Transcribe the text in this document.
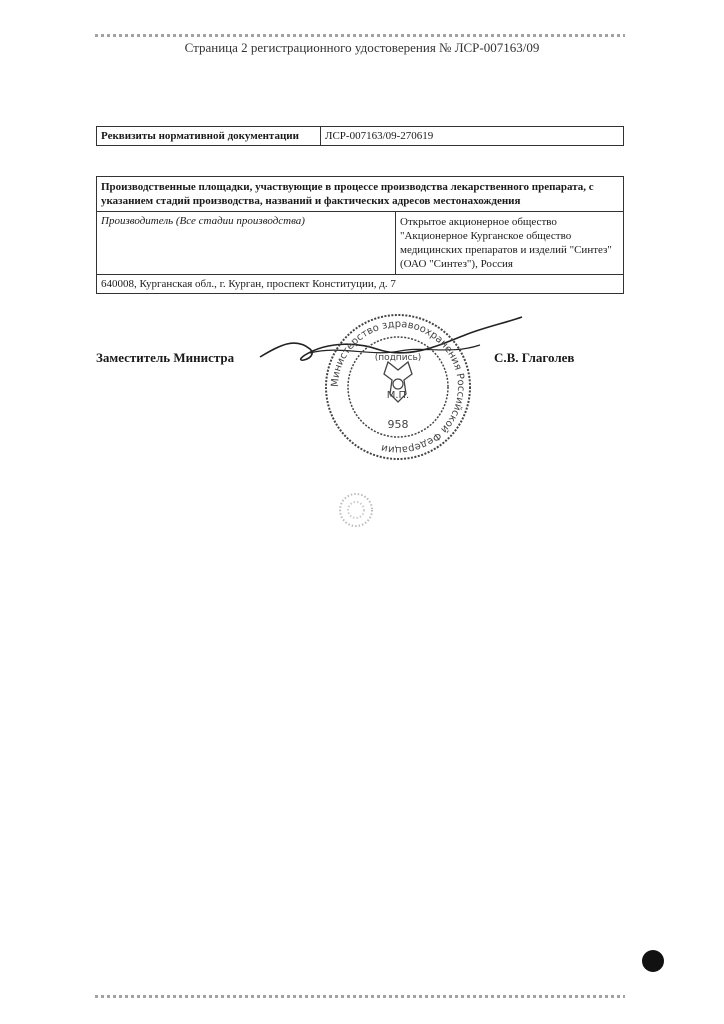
Страница 2 регистрационного удостоверения № ЛСР-007163/09
Реквизиты нормативной документации	ЛСР-007163/09-270619
Производственные площадки, участвующие в процессе производства лекарственного препарата, с указанием стадий производства, названий и фактических адресов местонахождения
Производитель (Все стадии производства)	Открытое акционерное общество "Акционерное Курганское общество медицинских препаратов и изделий "Синтез" (ОАО "Синтез"), Россия
640008, Курганская обл., г. Курган, проспект Конституции, д. 7
Заместитель Министра	С.В. Глаголев
Министерство здравоохранения Российской Федерации
(подпись)
М.П.
958
